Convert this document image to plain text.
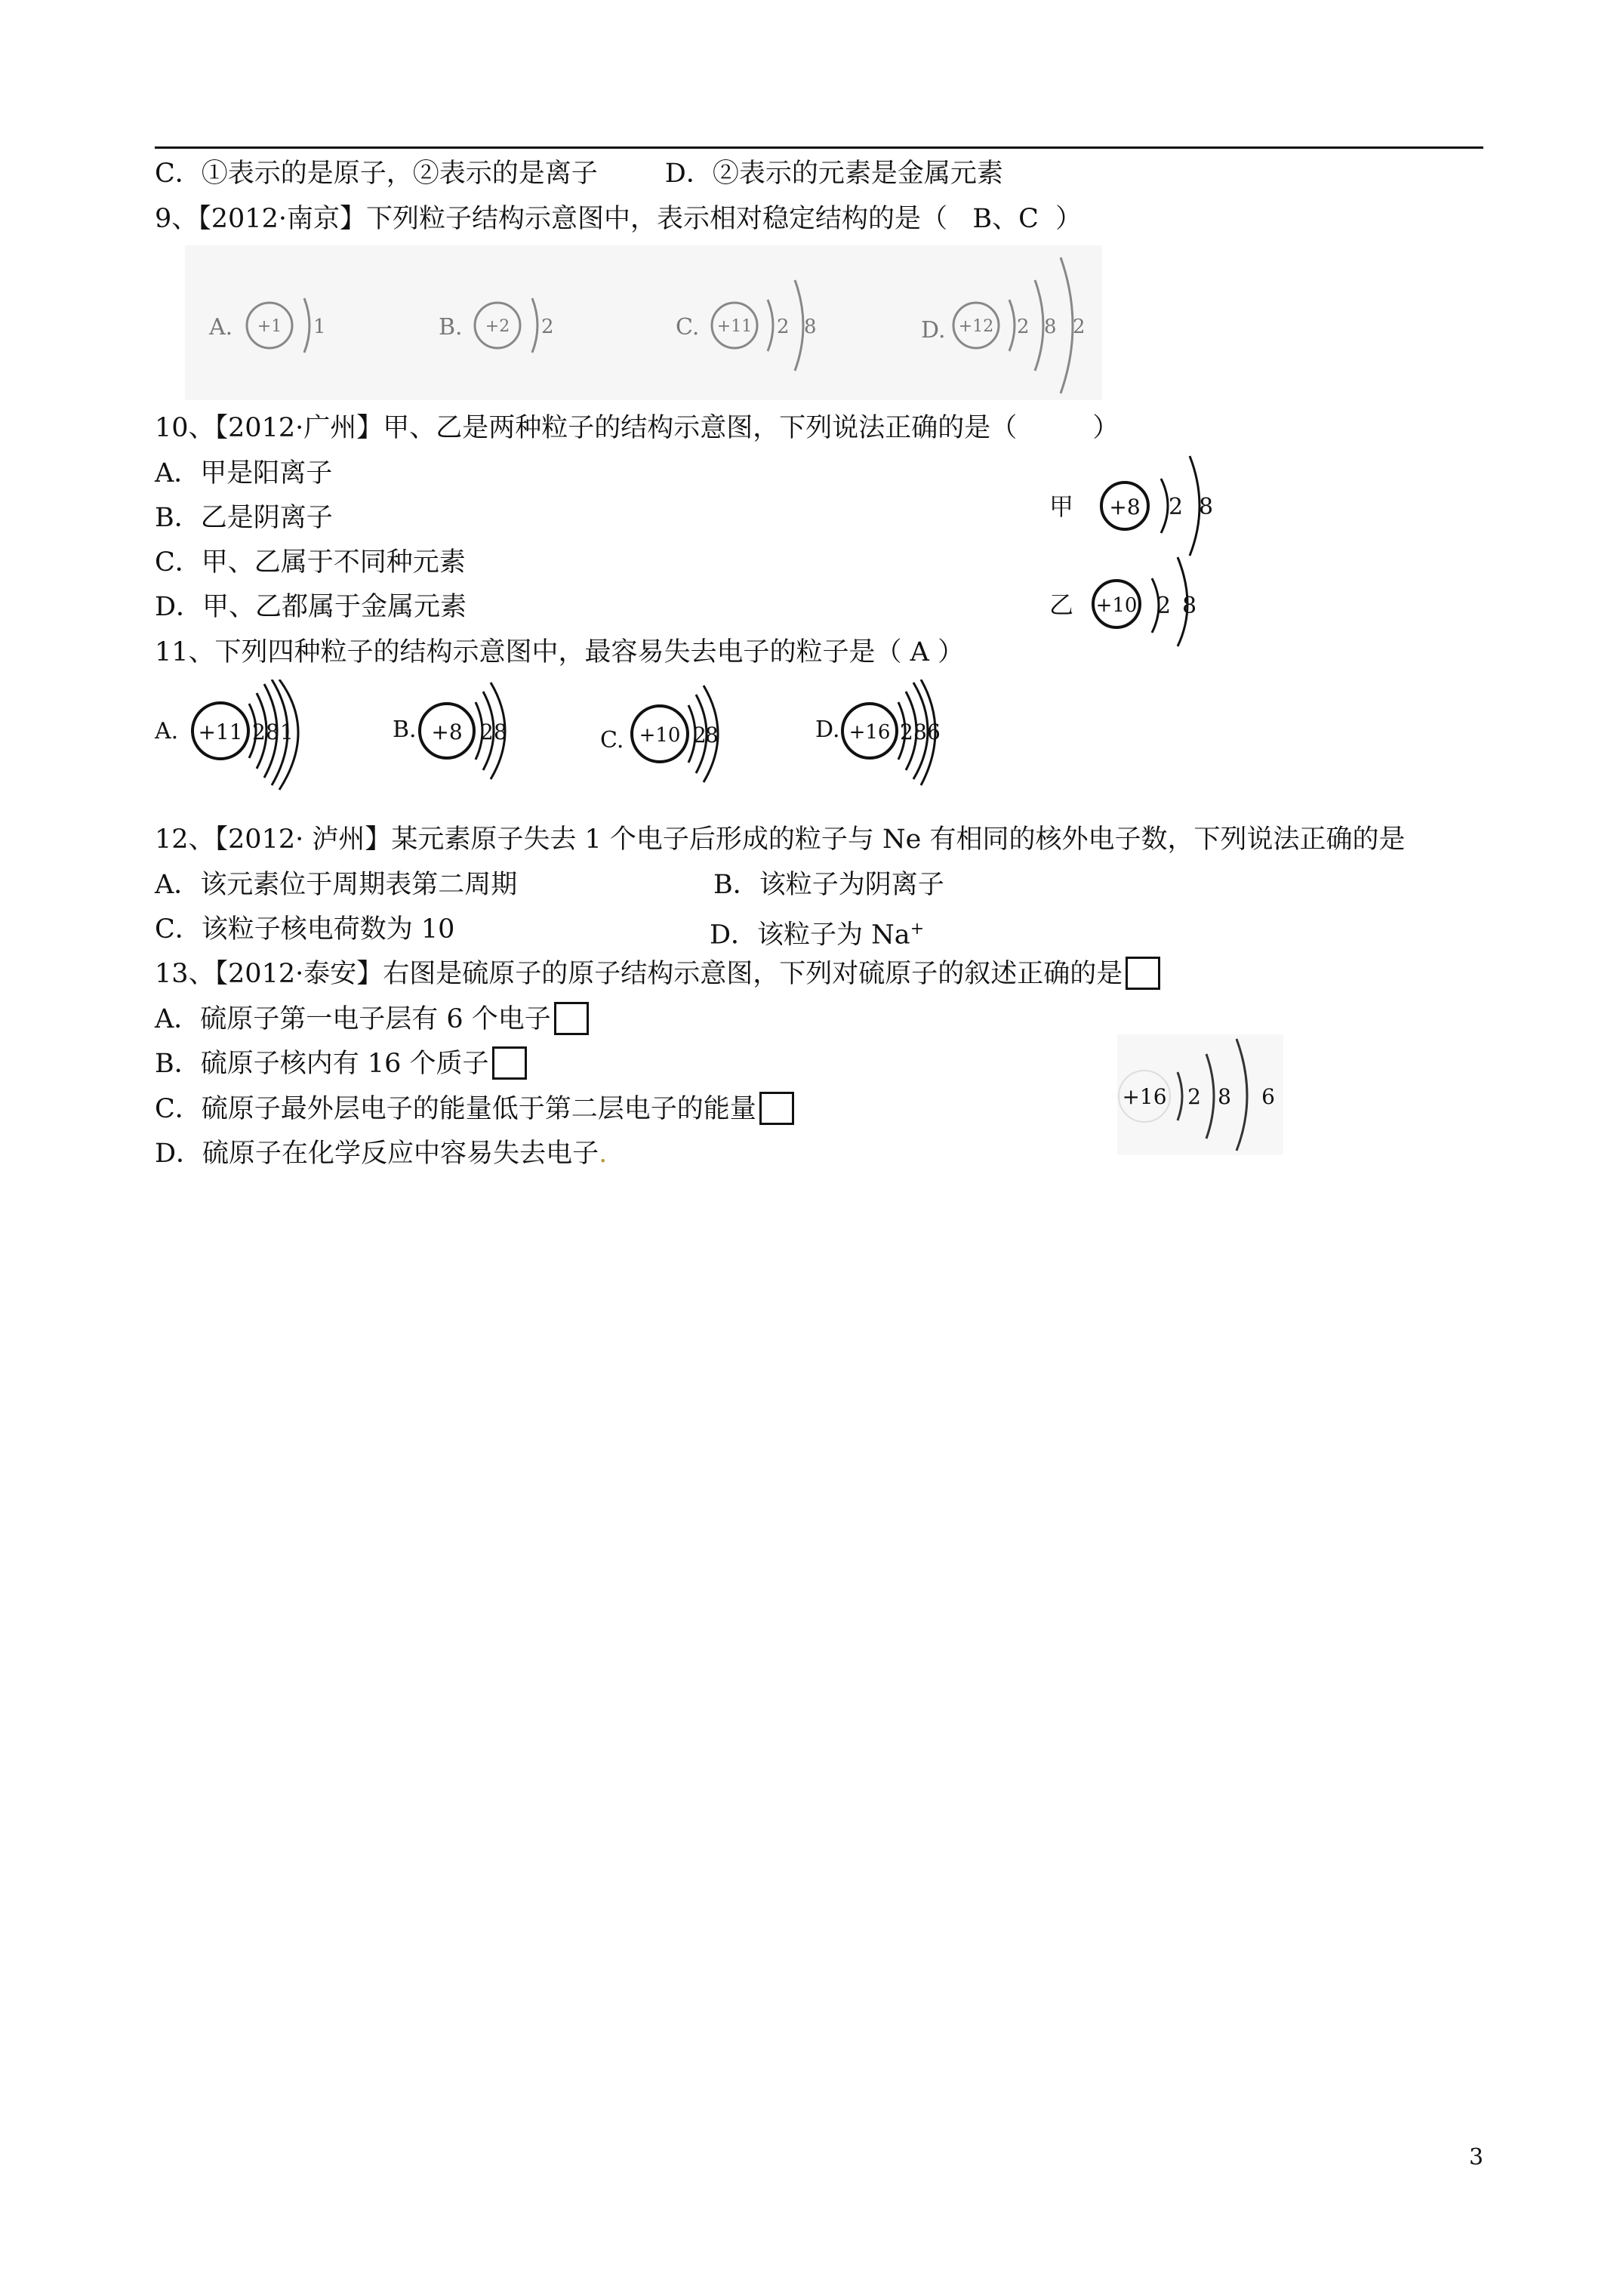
C．①表示的是原子，②表示的是离子        D．②表示的元素是金属元素
9、【2012·南京】下列粒子结构示意图中，表示相对稳定结构的是（   B、C  ）
A. +1 1	B. +2 2	C. +11 2 8	D. +12 2 8 2
10、【2012·广州】甲、乙是两种粒子的结构示意图，下列说法正确的是（         ）
A．甲是阳离子
B．乙是阴离子
C．甲、乙属于不同种元素
D．甲、乙都属于金属元素
甲 +8 2 8
乙 +10 2 8
11、下列四种粒子的结构示意图中，最容易失去电子的粒子是（ A ）
A. +11 2 8 1	B. +8 2 8	C. +10 2
8	D. +16 2 8 6
12、【2012· 泸州】某元素原子失去 1 个电子后形成的粒子与 Ne 有相同的核外电子数，下列说法正确的是
A．该元素位于周期表第二周期	B．该粒子为阴离子
C．该粒子核电荷数为 10	D．该粒子为 Na+
13、【2012·泰安】右图是硫原子的原子结构示意图，下列对硫原子的叙述正确的是
A．硫原子第一电子层有 6 个电子
B．硫原子核内有 16 个质子
C．硫原子最外层电子的能量低于第二层电子的能量
D．硫原子在化学反应中容易失去电子.
+16 2 8 6
3
